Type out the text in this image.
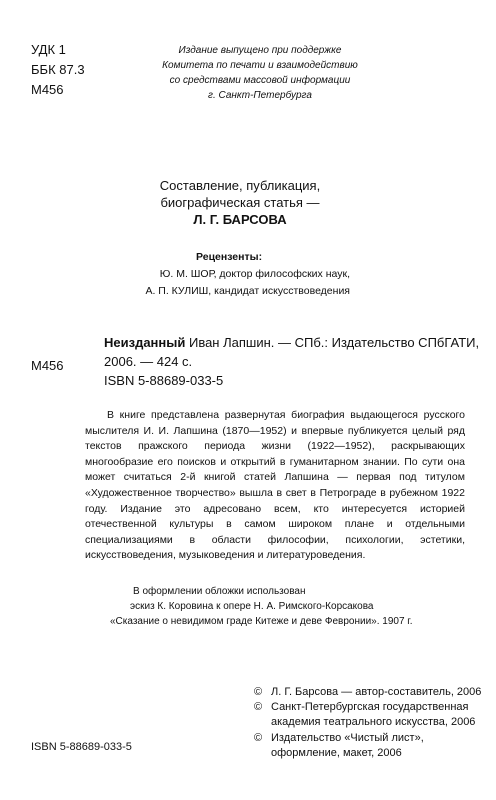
УДК 1
ББК 87.3
М456
Издание выпущено при поддержке
Комитета по печати и взаимодействию
со средствами массовой информации
г. Санкт-Петербурга
Составление, публикация,
биографическая статья —
Л. Г. БАРСОВА
Рецензенты:
Ю. М. ШОР, доктор философских наук,
А. П. КУЛИШ, кандидат искусствоведения
М456
Неизданный Иван Лапшин. — СПб.: Издательство СПбГАТИ,
2006. — 424 с.
ISBN 5-88689-033-5
В книге представлена развернутая биография выдающегося русского мыслителя И. И. Лапшина (1870—1952) и впервые публикуется целый ряд текстов пражского периода жизни (1922—1952), раскрывающих многообразие его поисков и открытий в гуманитарном знании. По сути она может считаться 2-й книгой статей Лапшина — первая под титулом «Художественное творчество» вышла в свет в Петрограде в рубежном 1922 году. Издание это адресовано всем, кто интересуется историей отечественной культуры в самом широком плане и отдельными специализациями в области философии, психологии, эстетики, искусствоведения, музыковедения и литературоведения.
В оформлении обложки использован
эскиз К. Коровина к опере Н. А. Римского-Корсакова
«Сказание о невидимом граде Китеже и деве Февронии». 1907 г.
© Л. Г. Барсова — автор-составитель, 2006
© Санкт-Петербургская государственная
академия театрального искусства, 2006
© Издательство «Чистый лист»,
оформление, макет, 2006
ISBN 5-88689-033-5
